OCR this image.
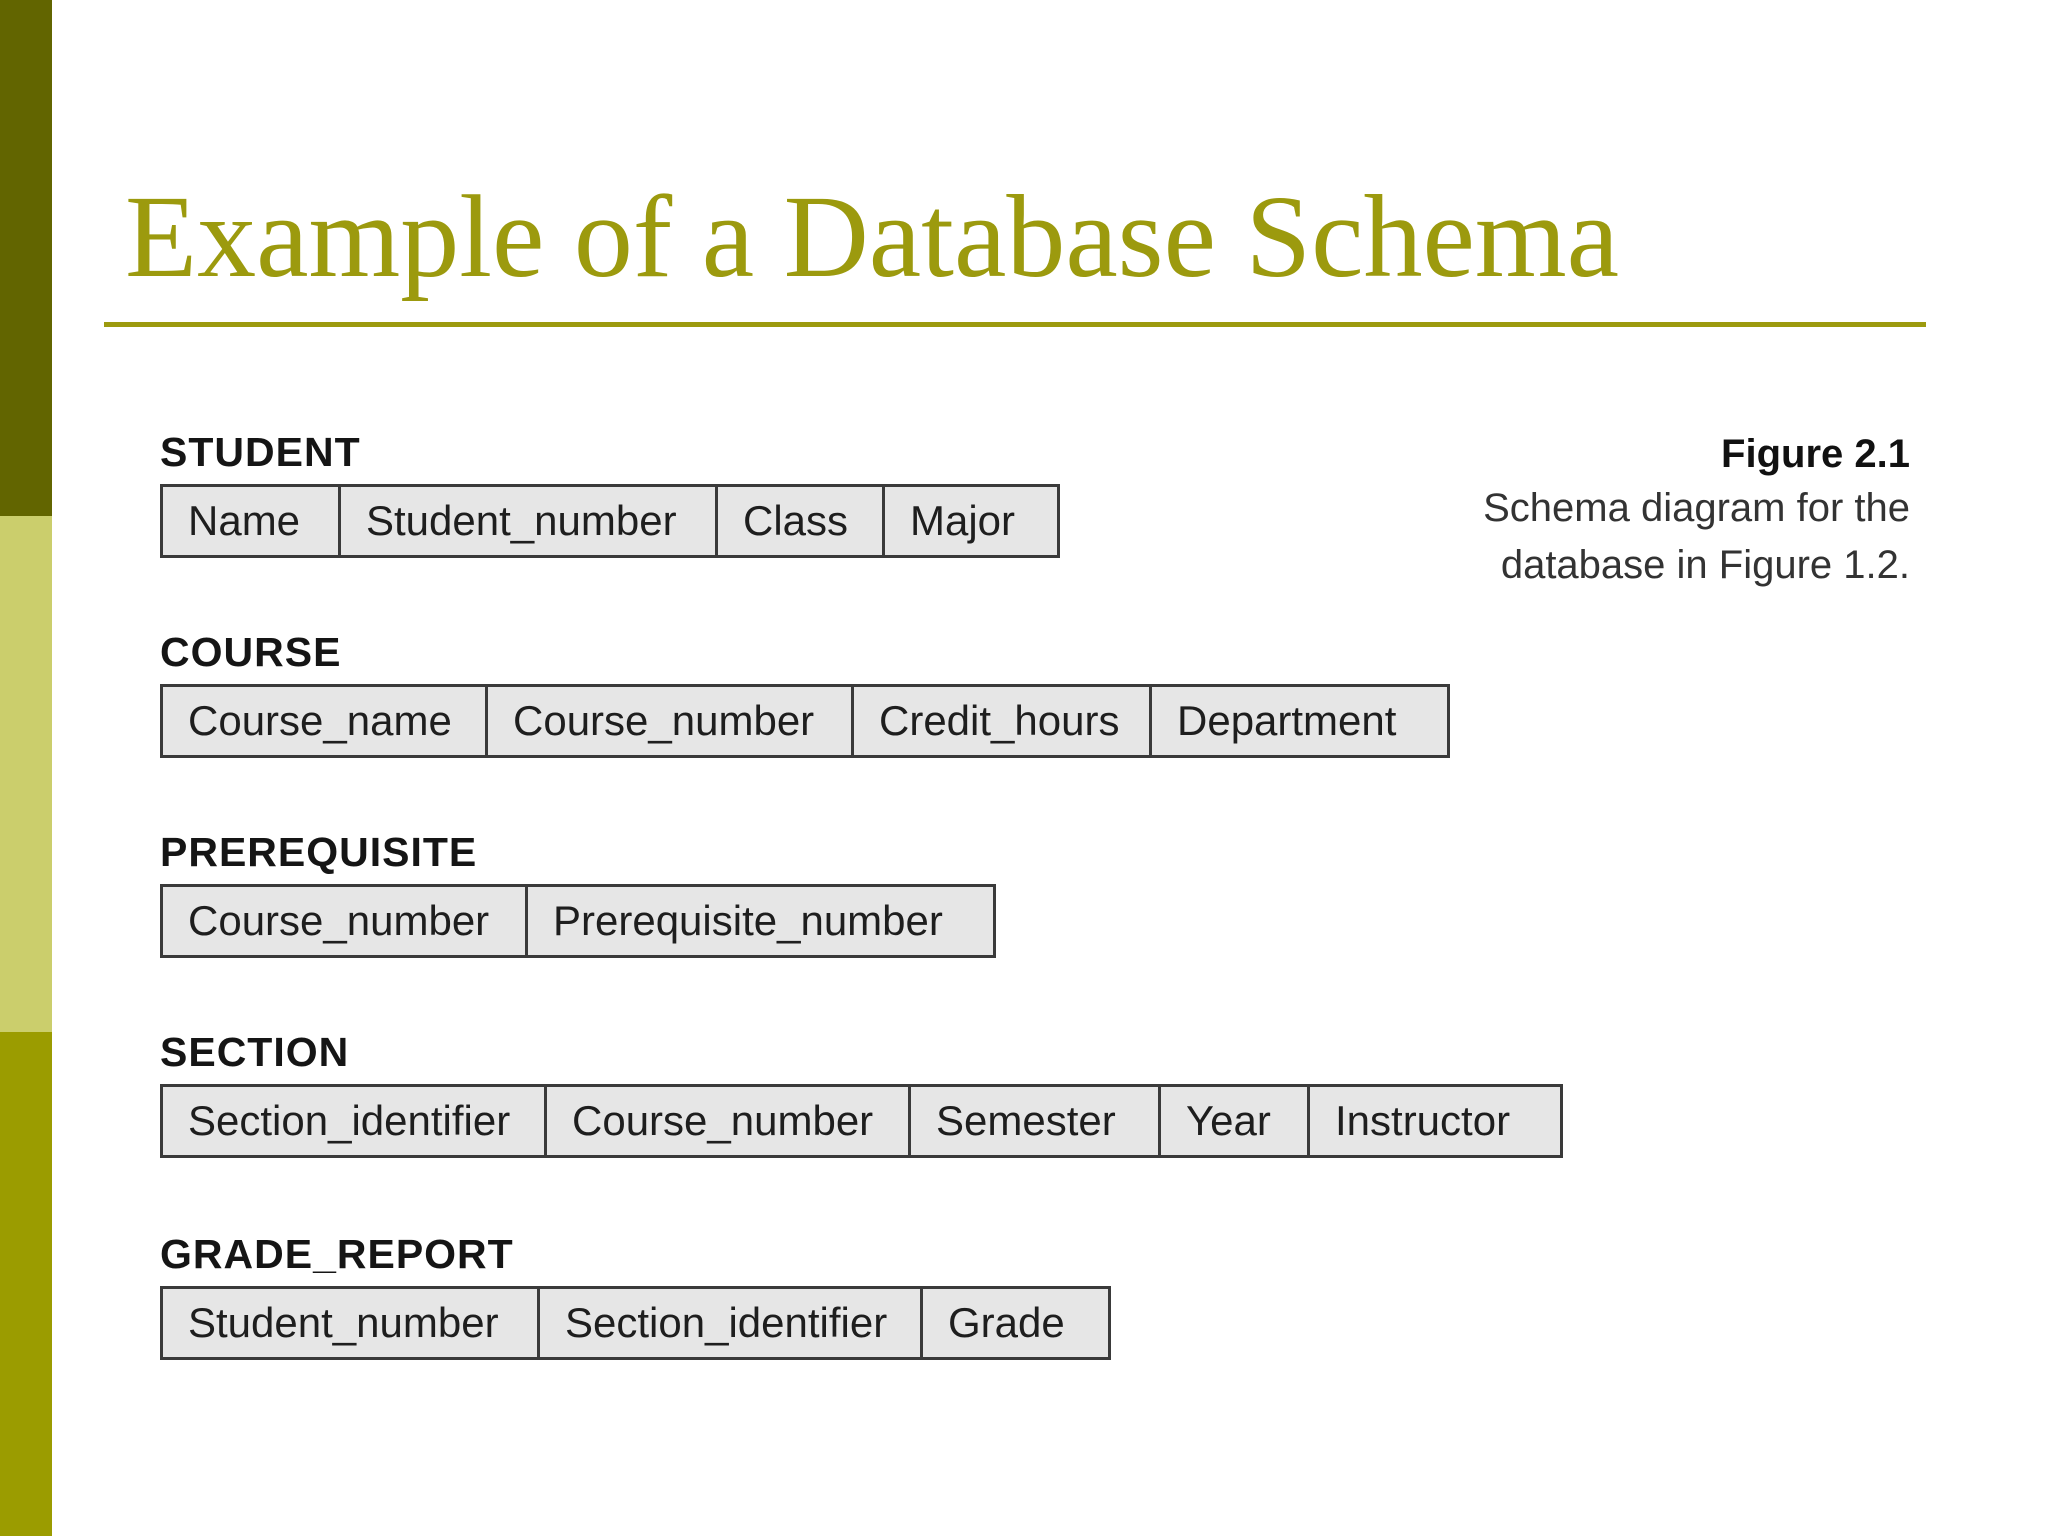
Example of a Database Schema
Figure 2.1
Schema diagram for the
database in Figure 1.2.
STUDENT
Name	Student_number	Class	Major
COURSE
Course_name	Course_number	Credit_hours	Department
PREREQUISITE
Course_number	Prerequisite_number
SECTION
Section_identifier	Course_number	Semester	Year	Instructor
GRADE_REPORT
Student_number	Section_identifier	Grade
